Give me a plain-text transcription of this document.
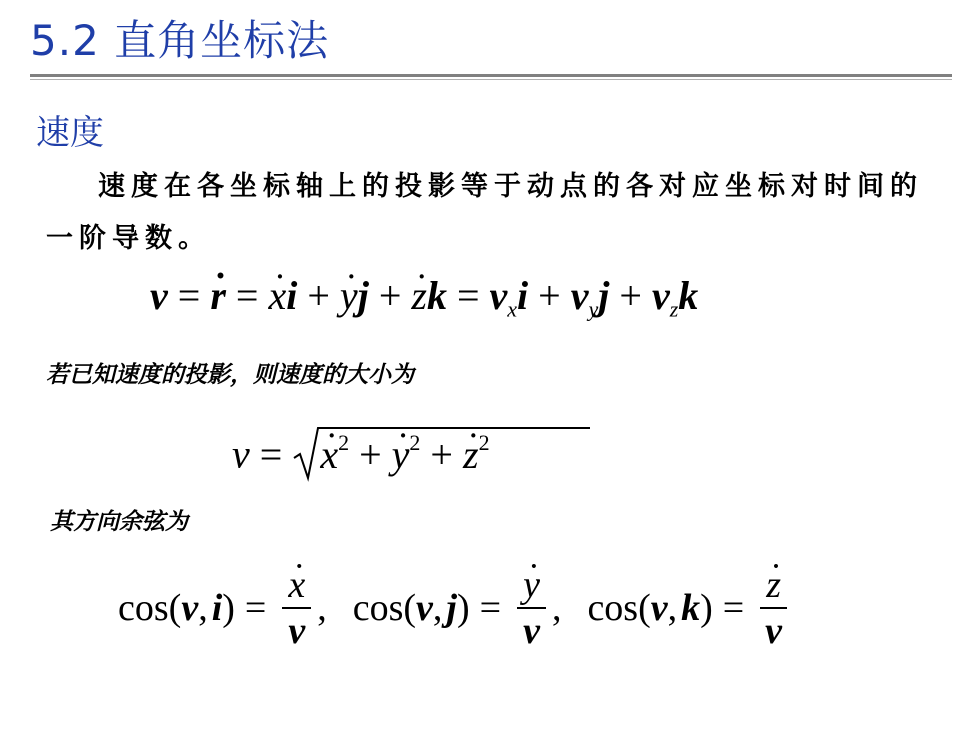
5.2 直角坐标法
速度
速度在各坐标轴上的投影等于动点的各对应坐标对时间的一阶导数。
v = ˙ r = ˙ xi + ˙ yj + ˙ zk = $v_xi + v_yj + v_zk$
若已知速度的投影，则速度的大小为
v = ˙ $x^2$ + ˙ $y^2$ + ˙ $z^2$
其方向余弦为
cos ( v , i ) = ˙ $\frac{x}{v}$ , cos ( v , j ) = ˙ $\frac{y}{v}$ , cos ( v , k ) = ˙ $\frac{z}{v}$
